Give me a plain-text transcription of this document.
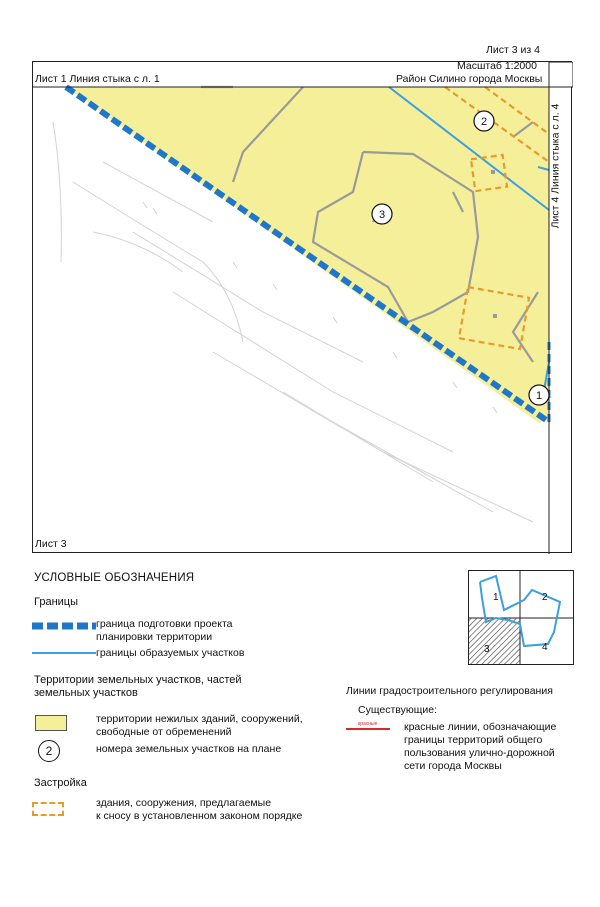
Лист 3 из 4
2
3
1
Масштаб 1:2000
Район Силино города Москвы
Лист 1 Линия стыка с л. 1
Лист 4 Линия стыка с л. 4
Лист 3
УСЛОВНЫЕ ОБОЗНАЧЕНИЯ
Границы
граница подготовки проекта
планировки территории
границы образуемых участков
Территории земельных участков, частей
земельных участков
территории нежилых зданий, сооружений,
свободные от обременений
2	номера земельных участков на плане
Застройка
здания, сооружения, предлагаемые
к сносу в установленном законом порядке
Линии градостроительного регулирования
Существующие:
красные	красные линии, обозначающие
границы территорий общего
пользования улично-дорожной
сети города Москвы
1	2
3	4
